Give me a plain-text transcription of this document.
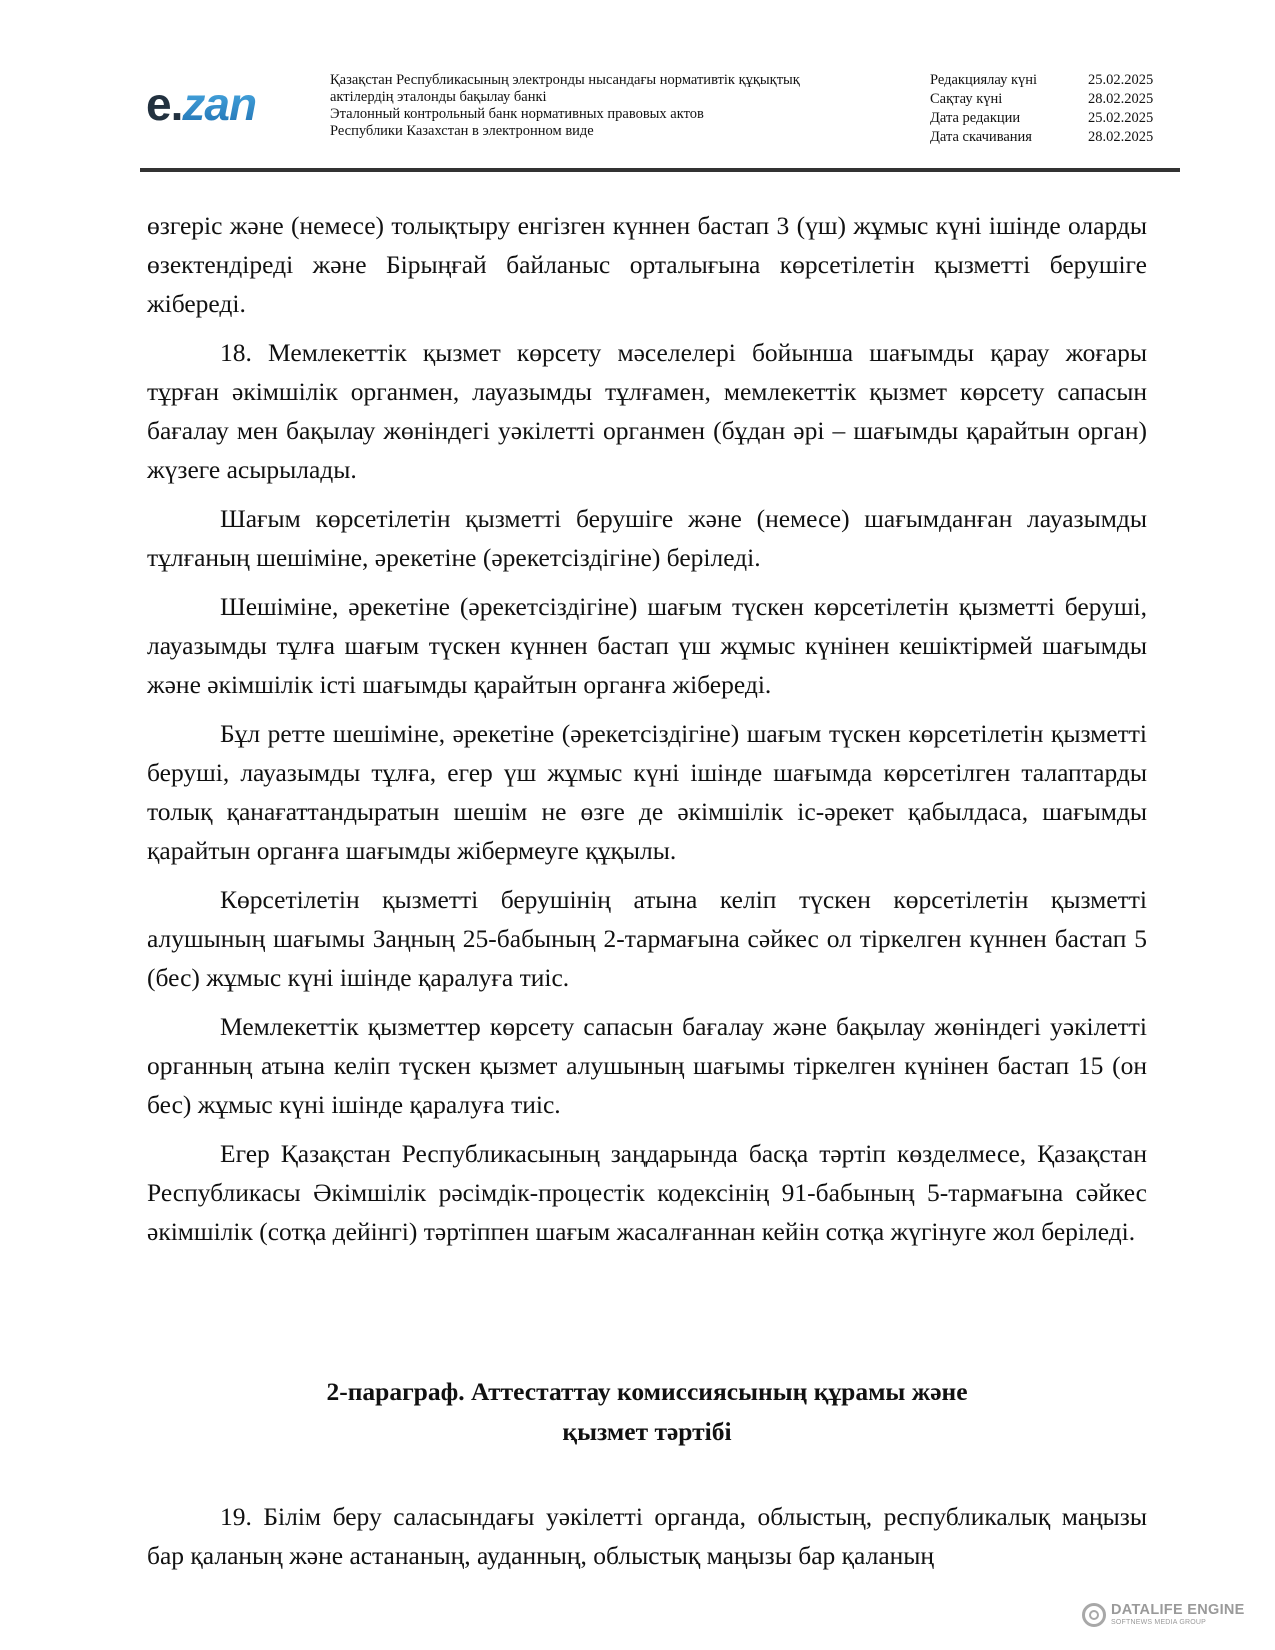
e.zan	Қазақстан Республикасының электронды нысандағы нормативтік құқықтық
актілердің эталонды бақылау банкі
Эталонный контрольный банк нормативных правовых актов
Республики Казахстан в электронном виде
Редакциялау күні	25.02.2025
Сақтау күні	28.02.2025
Дата редакции	25.02.2025
Дата скачивания	28.02.2025

өзгеріс және (немесе) толықтыру енгізген күннен бастап 3 (үш) жұмыс күні ішінде оларды өзектендіреді және Бірыңғай байланыс орталығына көрсетілетін қызметті берушіге жібереді.

18. Мемлекеттік қызмет көрсету мәселелері бойынша шағымды қарау жоғары тұрған әкімшілік органмен, лауазымды тұлғамен, мемлекеттік қызмет көрсету сапасын бағалау мен бақылау жөніндегі уәкілетті органмен (бұдан әрі – шағымды қарайтын орган) жүзеге асырылады.

Шағым көрсетілетін қызметті берушіге және (немесе) шағымданған лауазымды тұлғаның шешіміне, әрекетіне (әрекетсіздігіне) беріледі.

Шешіміне, әрекетіне (әрекетсіздігіне) шағым түскен көрсетілетін қызметті беруші, лауазымды тұлға шағым түскен күннен бастап үш жұмыс күнінен кешіктірмей шағымды және әкімшілік істі шағымды қарайтын органға жібереді.

Бұл ретте шешіміне, әрекетіне (әрекетсіздігіне) шағым түскен көрсетілетін қызметті беруші, лауазымды тұлға, егер үш жұмыс күні ішінде шағымда көрсетілген талаптарды толық қанағаттандыратын шешім не өзге де әкімшілік іс-әрекет қабылдаса, шағымды қарайтын органға шағымды жібермеуге құқылы.

Көрсетілетін қызметті берушінің атына келіп түскен көрсетілетін қызметті алушының шағымы Заңның 25-бабының 2-тармағына сәйкес ол тіркелген күннен бастап 5 (бес) жұмыс күні ішінде қаралуға тиіс.

Мемлекеттік қызметтер көрсету сапасын бағалау және бақылау жөніндегі уәкілетті органның атына келіп түскен қызмет алушының шағымы тіркелген күнінен бастап 15 (он бес) жұмыс күні ішінде қаралуға тиіс.

Егер Қазақстан Республикасының заңдарында басқа тәртіп көзделмесе, Қазақстан Республикасы Әкімшілік рәсімдік-процестік кодексінің 91-бабының 5-тармағына сәйкес әкімшілік (сотқа дейінгі) тәртіппен шағым жасалғаннан кейін сотқа жүгінуге жол беріледі.

2-параграф. Аттестаттау комиссиясының құрамы және
қызмет тәртібі

19. Білім беру саласындағы уәкілетті органда, облыстың, республикалық маңызы бар қаланың және астананың, ауданның, облыстық маңызы бар қаланың

DATALIFE ENGINE
SOFTNEWS MEDIA GROUP
